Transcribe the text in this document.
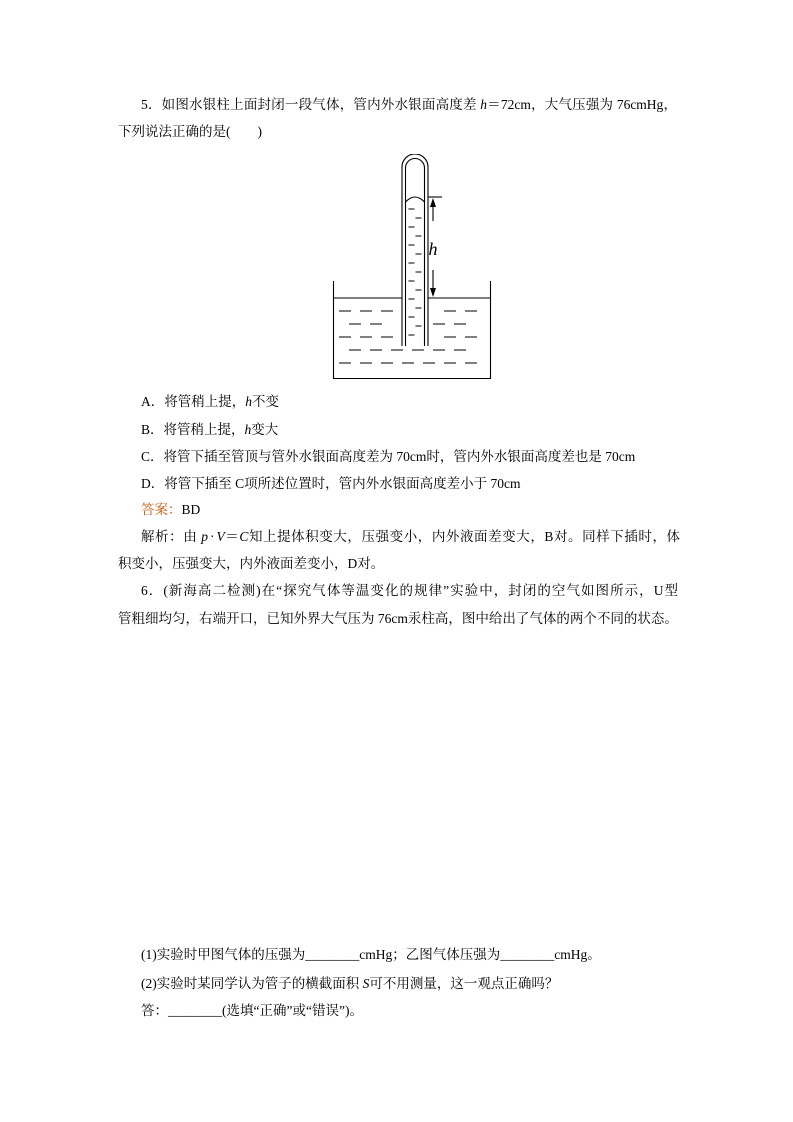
5．如图水银柱上面封闭一段气体，管内外水银面高度差 h＝72cm，大气压强为 76cmHg，
下列说法正确的是(　　)
h
A．将管稍上提，h不变
B．将管稍上提，h变大
C．将管下插至管顶与管外水银面高度差为 70cm时，管内外水银面高度差也是 70cm
D．将管下插至 C项所述位置时，管内外水银面高度差小于 70cm
答案：BD
解析：由 p · V＝C知上提体积变大，压强变小，内外液面差变大，B对。同样下插时，体
积变小，压强变大，内外液面差变小，D对。
6．(新海高二检测)在“探究气体等温变化的规律”实验中，封闭的空气如图所示，U型
管粗细均匀，右端开口，已知外界大气压为 76cm汞柱高，图中给出了气体的两个不同的状态。
(1)实验时甲图气体的压强为________cmHg；乙图气体压强为________cmHg。
(2)实验时某同学认为管子的横截面积 S可不用测量，这一观点正确吗？
答：________(选填“正确”或“错误”)。
